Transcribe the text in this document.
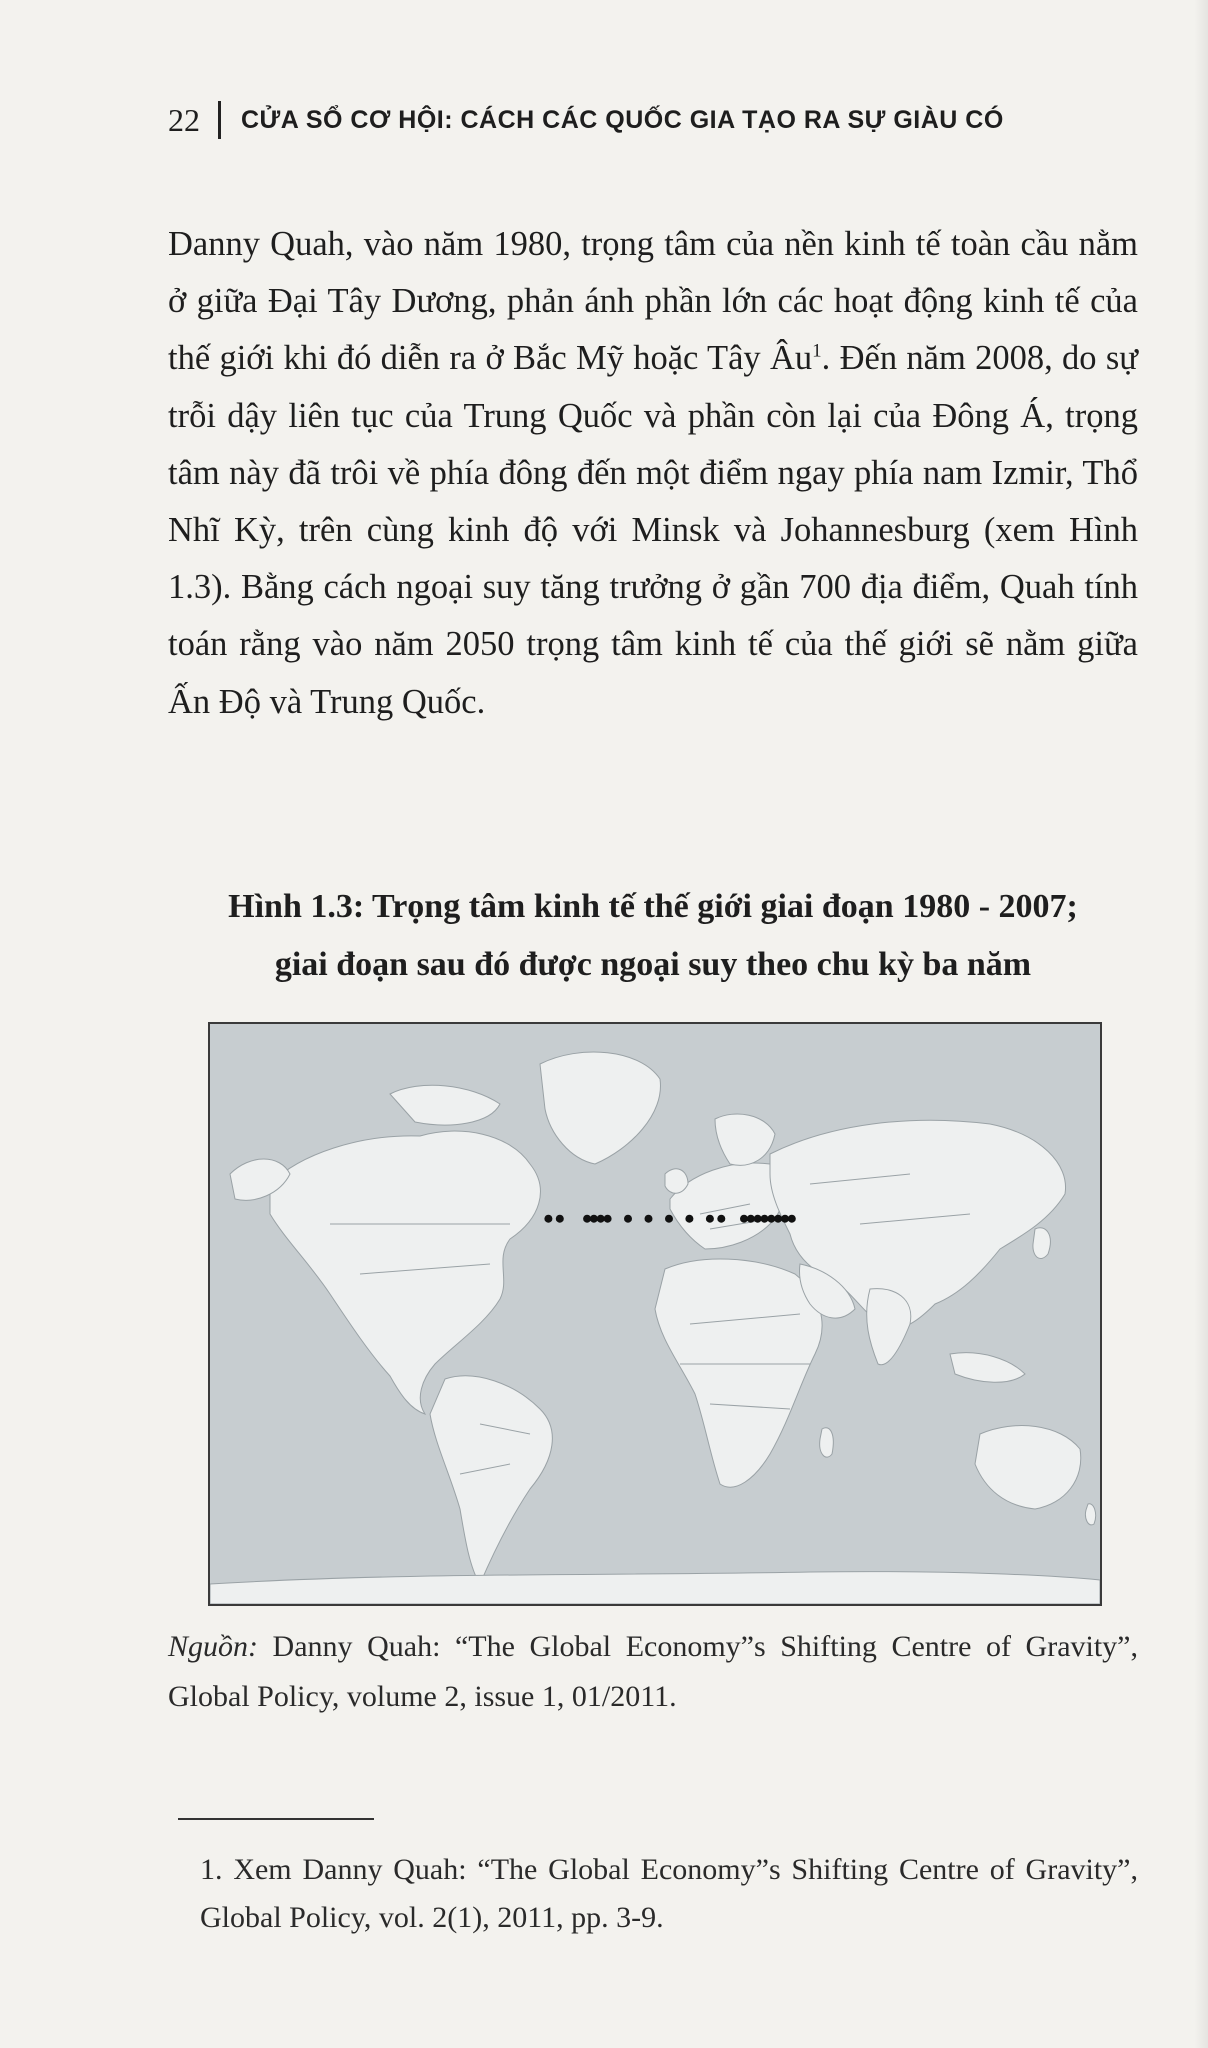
22 CỬA SỔ CƠ HỘI: CÁCH CÁC QUỐC GIA TẠO RA SỰ GIÀU CÓ

Danny Quah, vào năm 1980, trọng tâm của nền kinh tế toàn cầu nằm ở giữa Đại Tây Dương, phản ánh phần lớn các hoạt động kinh tế của thế giới khi đó diễn ra ở Bắc Mỹ hoặc Tây $Âu^1$. Đến năm 2008, do sự trỗi dậy liên tục của Trung Quốc và phần còn lại của Đông Á, trọng tâm này đã trôi về phía đông đến một điểm ngay phía nam Izmir, Thổ Nhĩ Kỳ, trên cùng kinh độ với Minsk và Johannesburg (xem Hình 1.3). Bằng cách ngoại suy tăng trưởng ở gần 700 địa điểm, Quah tính toán rằng vào năm 2050 trọng tâm kinh tế của thế giới sẽ nằm giữa Ấn Độ và Trung Quốc.

Hình 1.3: Trọng tâm kinh tế thế giới giai đoạn 1980 - 2007;
giai đoạn sau đó được ngoại suy theo chu kỳ ba năm
Nguồn: Danny Quah: “The Global Economy”s Shifting Centre of Gravity”, Global Policy, volume 2, issue 1, 01/2011.
1. Xem Danny Quah: “The Global Economy”s Shifting Centre of Gravity”, Global Policy, vol. 2(1), 2011, pp. 3-9.
